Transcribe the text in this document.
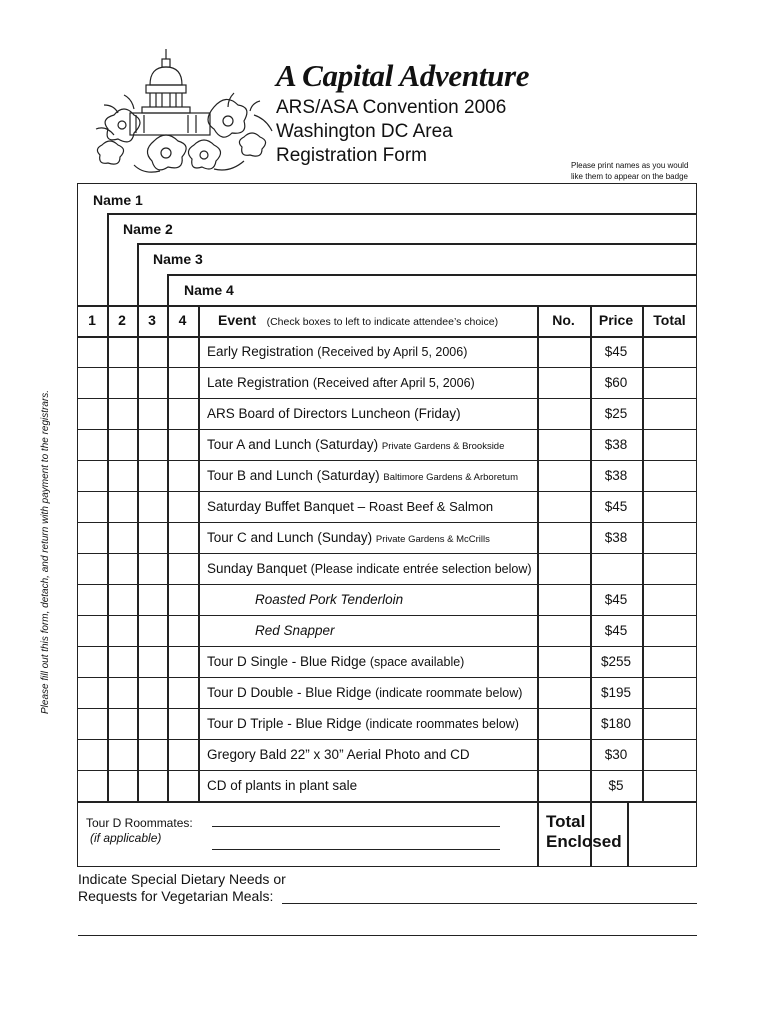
A Capital Adventure
ARS/ASA Convention 2006
Washington DC Area
Registration Form	Please print names as you would
like them to appear on the badge
Please fill out this form, detach, and return with payment to the registrars.
Name 1
Name 2
Name 3
Name 4
1	2	3	4	Event (Check boxes to left to indicate attendee’s choice)	No.	Price	Total
Early Registration (Received by April 5, 2006)	$45
Late Registration (Received after April 5, 2006)	$60
ARS Board of Directors Luncheon (Friday)	$25
Tour A and Lunch (Saturday) Private Gardens & Brookside	$38
Tour B and Lunch (Saturday) Baltimore Gardens & Arboretum	$38
Saturday Buffet Banquet – Roast Beef & Salmon	$45
Tour C and Lunch (Sunday) Private Gardens & McCrills	$38
Sunday Banquet (Please indicate entrée selection below)
Roasted Pork Tenderloin	$45
Red Snapper	$45
Tour D Single - Blue Ridge (space available)	$255
Tour D Double - Blue Ridge (indicate roommate below)	$195
Tour D Triple - Blue Ridge (indicate roommates below)	$180
Gregory Bald 22” x 30” Aerial Photo and CD	$30
CD of plants in plant sale	$5
Tour D Roommates:
(if applicable)
Total
Enclosed
Indicate Special Dietary Needs or
Requests for Vegetarian Meals:
